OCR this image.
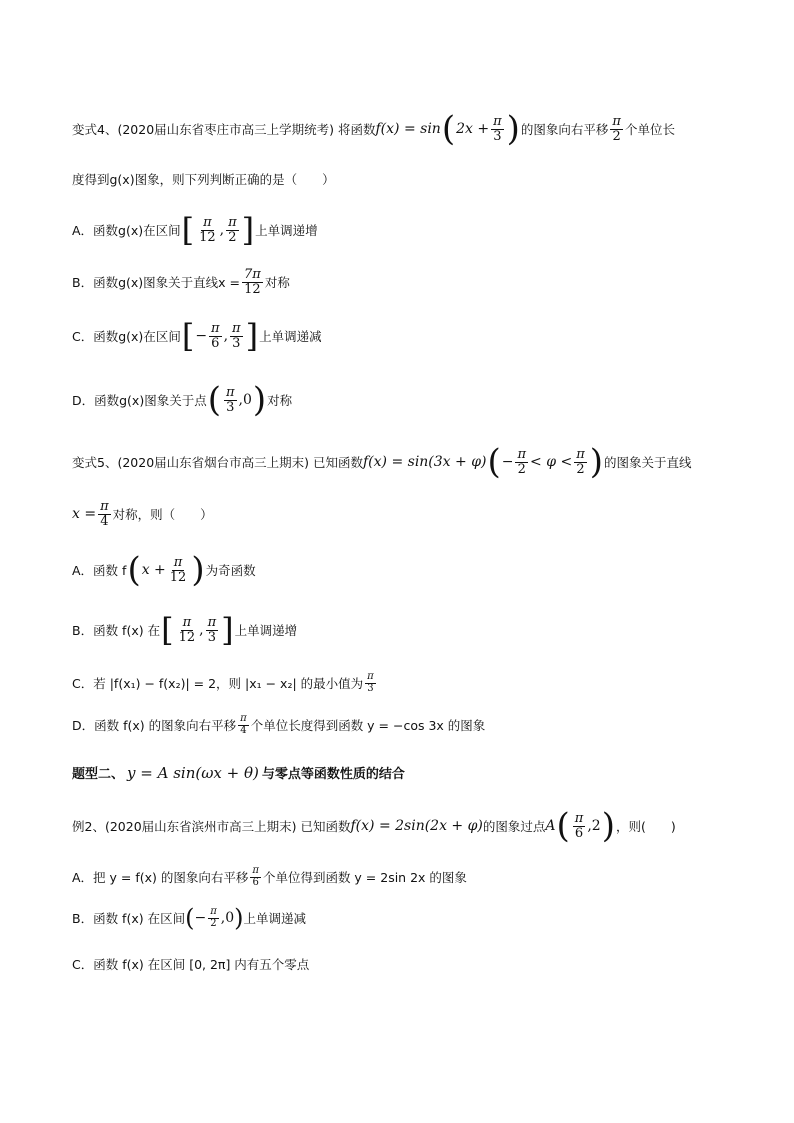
变式4、(2020届山东省枣庄市高三上学期统考) 将函数 f(x) = sin ( $2x + \frac{\pi}{3}$ ) 的图象向右平移 $\frac{\pi}{2}$ 个单位长
度得到g(x)图象，则下列判断正确的是（　　）
A．函数g(x)在区间 [ $\frac{\pi}{12}$ , $\frac{\pi}{2}$ ] 上单调递增
B．函数g(x)图象关于直线$x = \frac{7\pi}{12}$ 对称
C．函数g(x)在区间 [ − $\frac{\pi}{6}$ , $\frac{\pi}{3}$ ] 上单调递减
D．函数g(x)图象关于点 ( $\frac{\pi}{3} ,0$ ) 对称
变式5、(2020届山东省烟台市高三上期末) 已知函数 f(x) = sin(3x + φ) ( − $\frac{\pi}{2} < \varphi < \frac{\pi}{2}$ ) 的图象关于直线
$x = \frac{\pi}{4}$ 对称，则（　　）
A．函数 f ( $x + \frac{\pi}{12}$ ) 为奇函数
B．函数 f(x) 在 [ $\frac{\pi}{12}$ , $\frac{\pi}{3}$ ] 上单调递增
C．若 |f(x₁) − f(x₂)| = 2，则 |x₁ − x₂| 的最小值为 $\frac{\pi}{3}$
D．函数 f(x) 的图象向右平移 $\frac{\pi}{4}$ 个单位长度得到函数 y = −cos 3x 的图象
题型二、 y = A sin(ωx + θ) 与零点等函数性质的结合
例2、(2020届山东省滨州市高三上期末) 已知函数 f(x) = 2sin(2x + φ) 的图象过点 A ( $\frac{\pi}{6} ,2$ ) ，则(　　)
A．把 y = f(x) 的图象向右平移 $\frac{\pi}{6}$ 个单位得到函数 y = 2sin 2x 的图象
B．函数 f(x) 在区间 ( − $\frac{\pi}{2} ,0$ ) 上单调递减
C．函数 f(x) 在区间 [0, 2π] 内有五个零点
